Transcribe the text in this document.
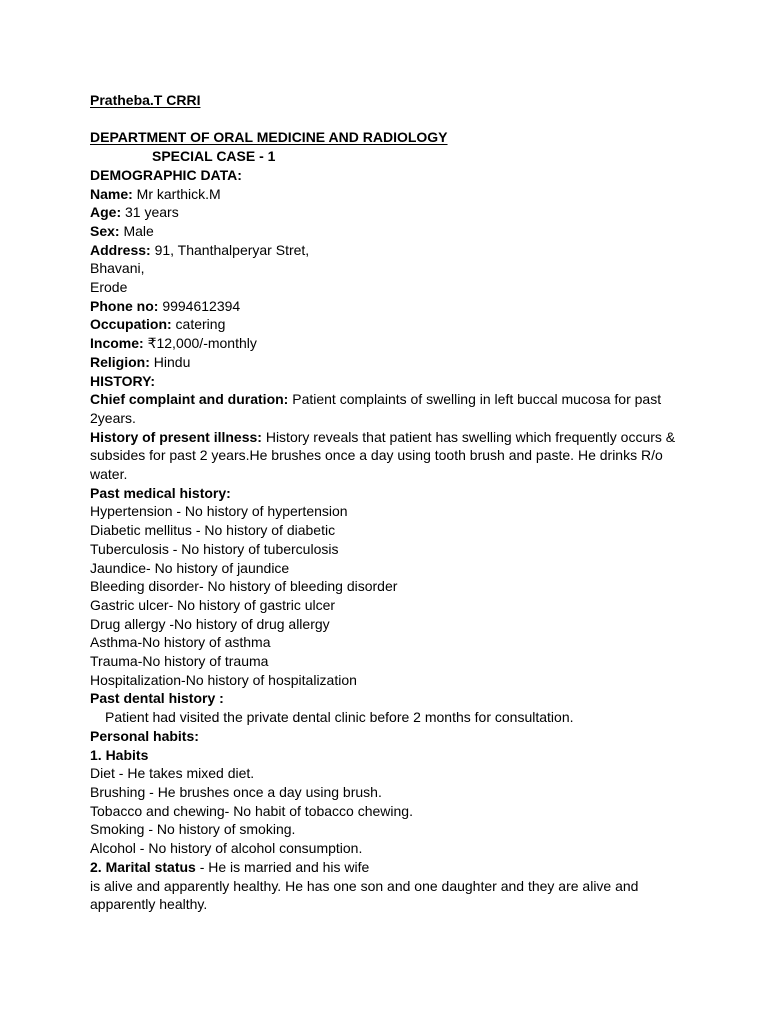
Pratheba.T CRRI
DEPARTMENT OF ORAL MEDICINE AND RADIOLOGY
SPECIAL CASE - 1
DEMOGRAPHIC DATA:
Name: Mr karthick.M
Age: 31 years
Sex: Male
Address: 91, Thanthalperyar Stret,
Bhavani,
Erode
Phone no: 9994612394
Occupation: catering
Income: ₹12,000/-monthly
Religion: Hindu
HISTORY:
Chief complaint and duration: Patient complaints of swelling in left buccal mucosa for past 2years.
History of present illness: History reveals that patient has swelling which frequently occurs & subsides for past 2 years.He brushes once a day using tooth brush and paste. He drinks R/o water.
Past medical history:
Hypertension - No history of hypertension
Diabetic mellitus - No history of diabetic
Tuberculosis - No history of tuberculosis
Jaundice- No history of jaundice
Bleeding disorder- No history of bleeding disorder
Gastric ulcer- No history of gastric ulcer
Drug allergy -No history of drug allergy
Asthma-No history of asthma
Trauma-No history of trauma
Hospitalization-No history of hospitalization
Past dental history :
Patient had visited the private dental clinic before 2 months for consultation.
Personal habits:
1. Habits
Diet - He takes mixed diet.
Brushing - He brushes once a day using brush.
Tobacco and chewing- No habit of tobacco chewing.
Smoking - No history of smoking.
Alcohol - No history of alcohol consumption.
2. Marital status - He is married and his wife
is alive and apparently healthy. He has one son and one daughter and they are alive and apparently healthy.
